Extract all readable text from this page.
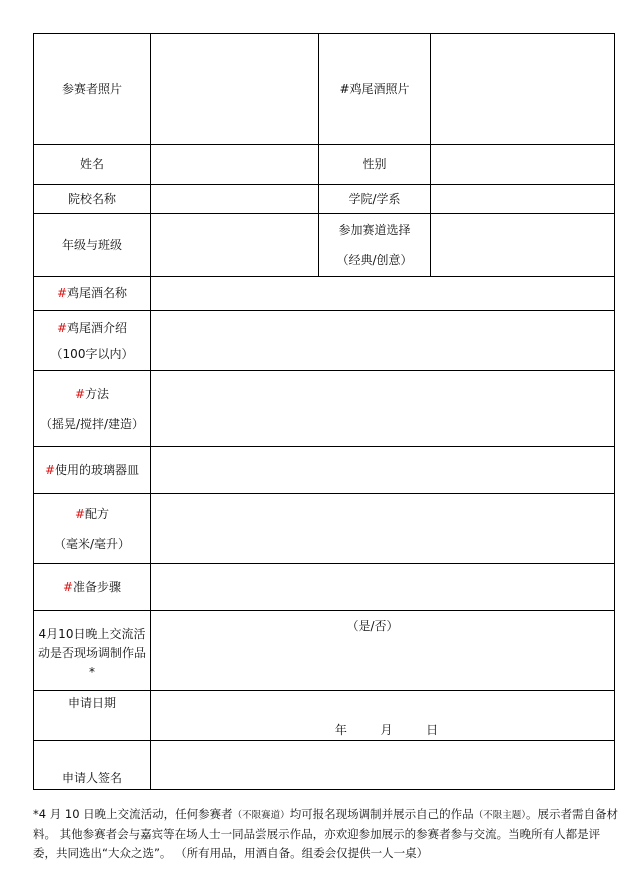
参赛者照片		#鸡尾酒照片	
姓名		性别	
院校名称		学院/学系	
年级与班级		参加赛道选择
（经典/创意）	

#鸡尾酒名称			

#鸡尾酒介绍
（100字以内）			

#方法
（摇晃/搅拌/建造）			

#使用的玻璃器皿			

#配方
（毫米/毫升）			

#准备步骤			
4月10日晚上交流活动是否现场调制作品*	（是/否）		
申请日期	年 月 日		

申请人签名			
*4 月 10 日晚上交流活动，任何参赛者（不限赛道）均可报名现场调制并展示自己的作品（不限主题）。展示者需自备材料。 其他参赛者会与嘉宾等在场人士一同品尝展示作品，亦欢迎参加展示的参赛者参与交流。当晚所有人都是评委，共同选出“大众之选”。 （所有用品，用酒自备。组委会仅提供一人一桌）
